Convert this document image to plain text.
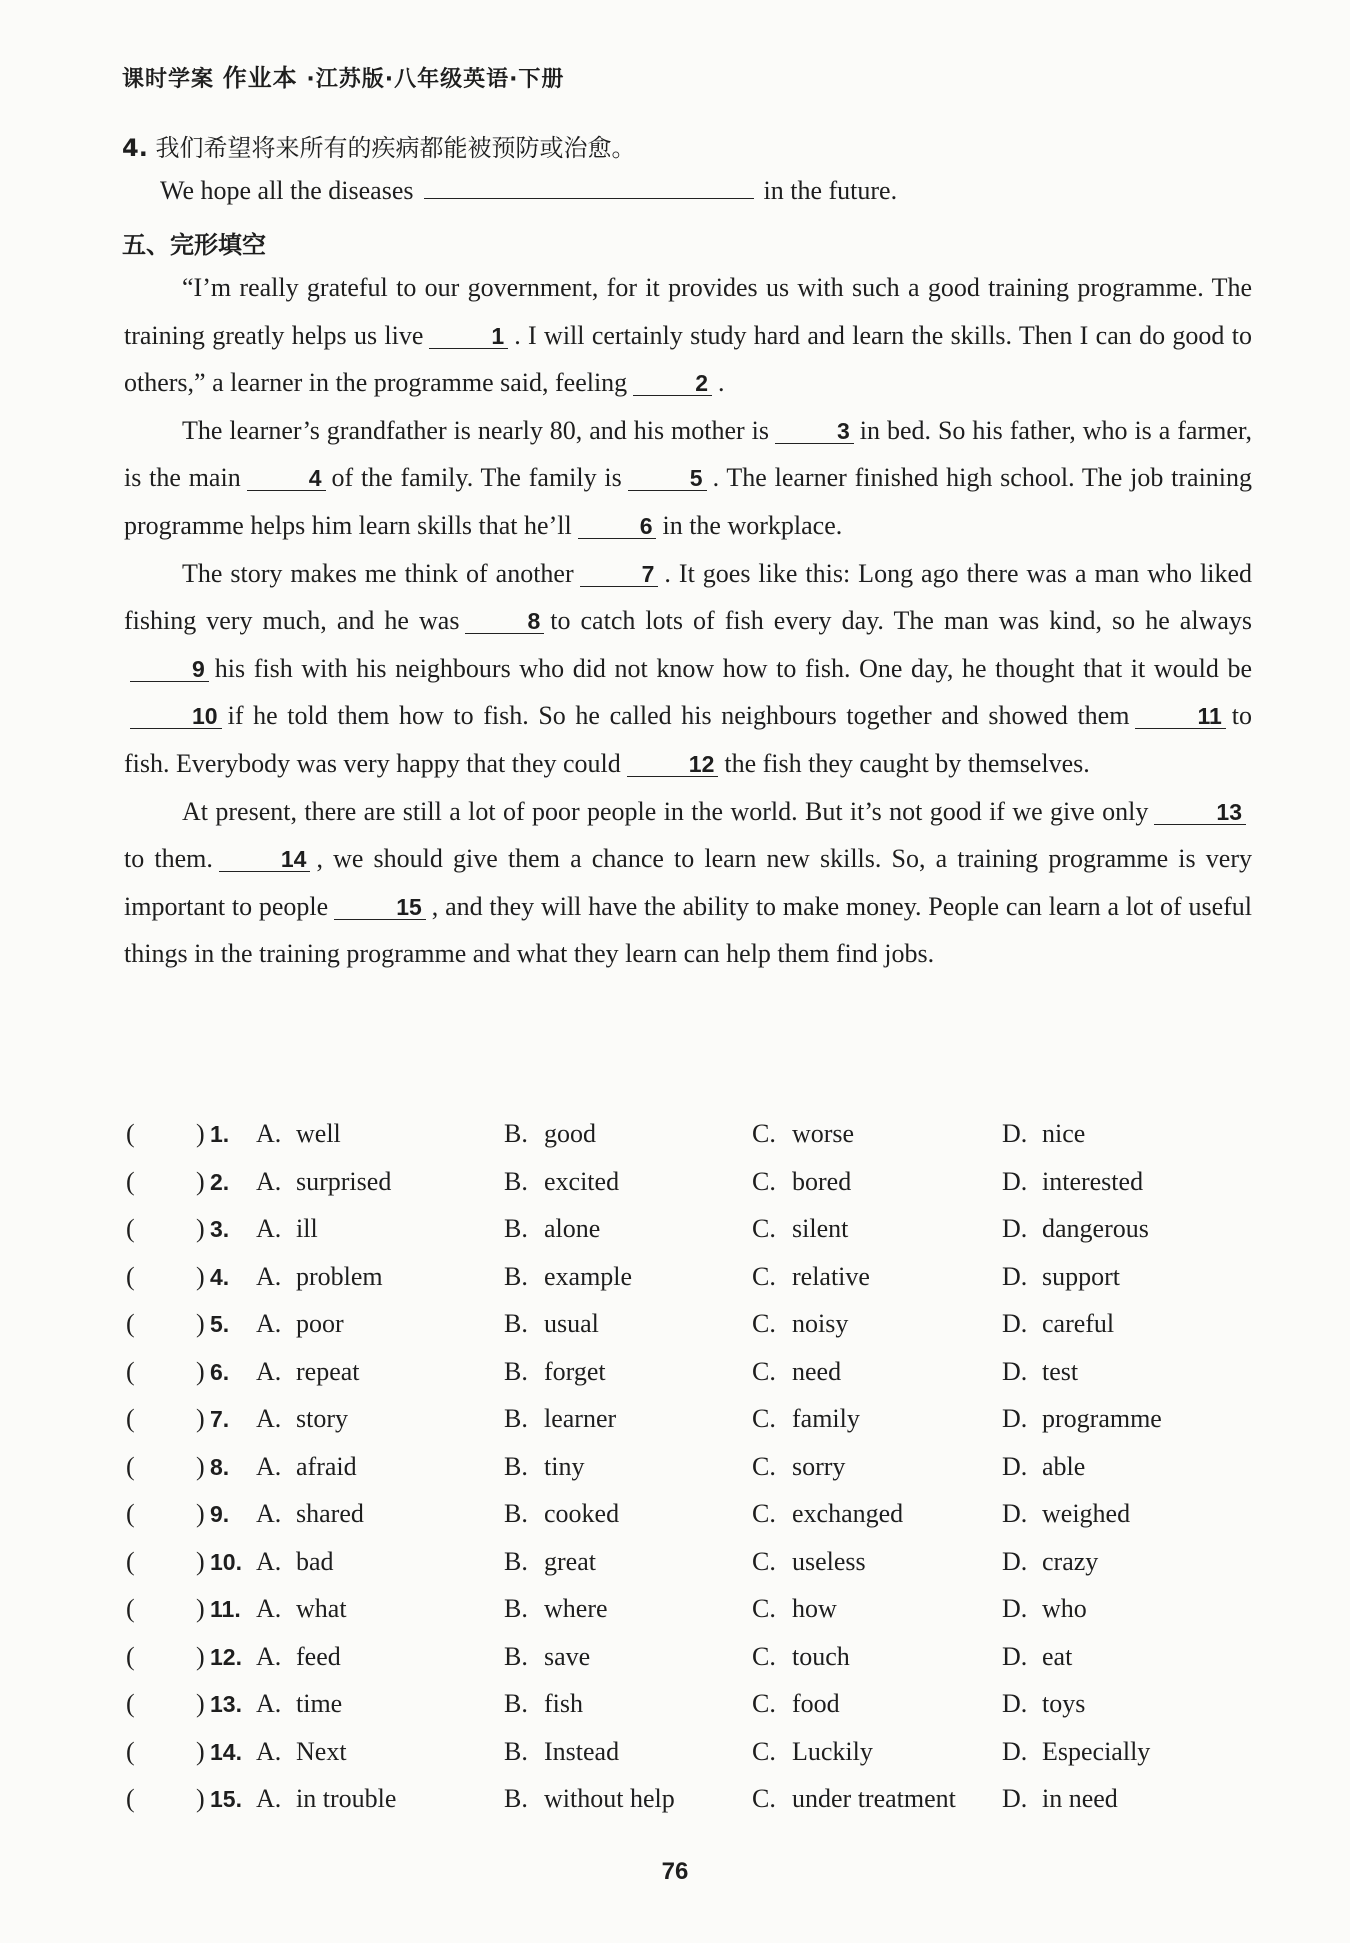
课时学案 作业本 ·江苏版·八年级英语·下册
4. 我们希望将来所有的疾病都能被预防或治愈。
We hope all the diseases	in the future.
五、完形填空

“I’m really grateful to our government, for it provides us with such a good training programme. The training greatly helps us live	1 . I will certainly study hard and learn the skills. Then I can do good to others,” a learner in the programme said, feeling	2 .

The learner’s grandfather is nearly 80, and his mother is	3 in bed. So his father, who is a farmer, is the main	4 of the family. The family is	5 . The learner finished high school. The job training programme helps him learn skills that he’ll	6 in the workplace.

The story makes me think of another	7 . It goes like this: Long ago there was a man who liked fishing very much, and he was	8 to catch lots of fish every day. The man was kind, so he always9 his fish with his neighbours who did not know how to fish. One day, he thought that it would be10 if he told them how to fish. So he called his neighbours together and showed them	11 to fish. Everybody was very happy that they could	12 the fish they caught by themselves.

At present, there are still a lot of poor people in the world. But it’s not good if we give only	13to them.	14 , we should give them a chance to learn new skills. So, a training programme is very important to people	15 , and they will have the ability to make money. People can learn a lot of useful things in the training programme and what they learn can help them find jobs.

( ) 1. A. well	B. good	C. worse	D. nice
( ) 2. A. surprised	B. excited	C. bored	D. interested
( ) 3. A. ill	B. alone	C. silent	D. dangerous
( ) 4. A. problem	B. example	C. relative	D. support
( ) 5. A. poor	B. usual	C. noisy	D. careful
( ) 6. A. repeat	B. forget	C. need	D. test
( ) 7. A. story	B. learner	C. family	D. programme
( ) 8. A. afraid	B. tiny	C. sorry	D. able
( ) 9. A. shared	B. cooked	C. exchanged	D. weighed
( ) 10. A. bad	B. great	C. useless	D. crazy
( ) 11. A. what	B. where	C. how	D. who
( ) 12. A. feed	B. save	C. touch	D. eat
( ) 13. A. time	B. fish	C. food	D. toys
( ) 14. A. Next	B. Instead	C. Luckily	D. Especially
( ) 15. A. in trouble	B. without help	C. under treatment D. in need
76
